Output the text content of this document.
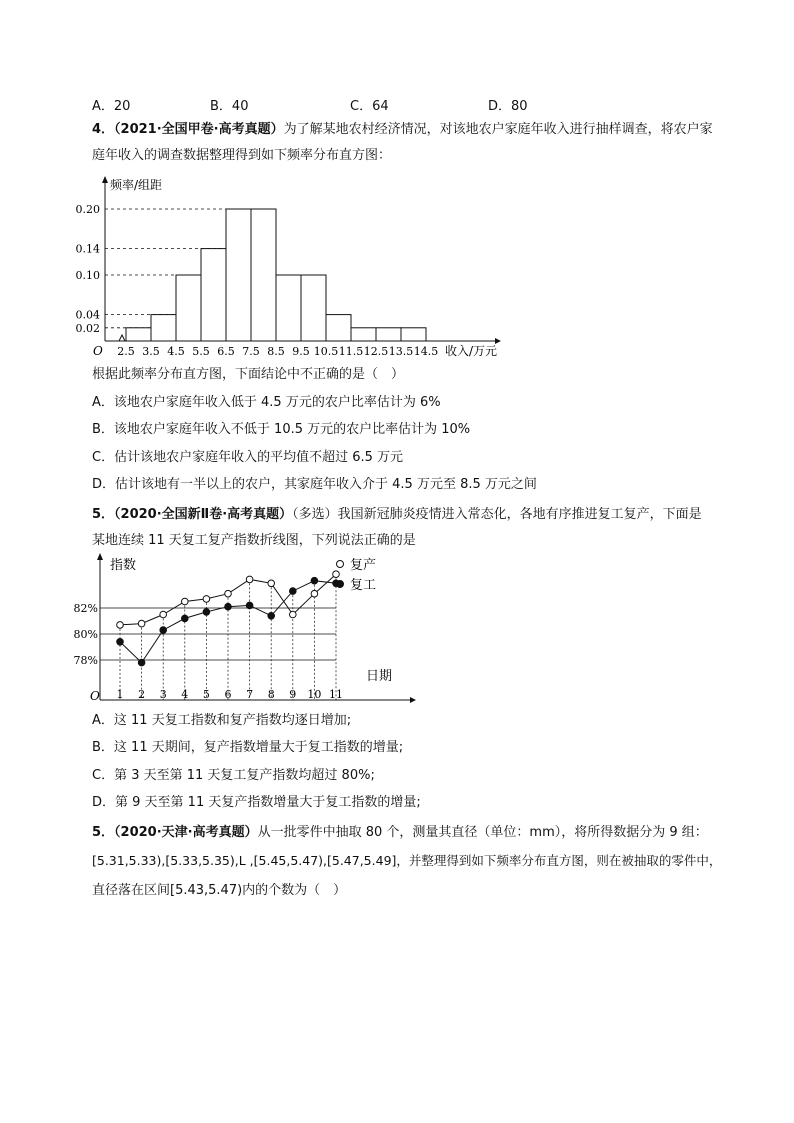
A．20	B．40	C．64	D．80
4．（2021·全国甲卷·高考真题）为了解某地农村经济情况，对该地农户家庭年收入进行抽样调查，将农户家
庭年收入的调查数据整理得到如下频率分布直方图：
0.02
0.04
0.10
0.14
0.20
2.5 3.5 4.5 5.5 6.5 7.5 8.5 9.5 10.5 11.5 12.5 13.5 14.5
O
频率/组距
收入/万元
根据此频率分布直方图，下面结论中不正确的是（　）
A．该地农户家庭年收入低于 4.5 万元的农户比率估计为 6%
B．该地农户家庭年收入不低于 10.5 万元的农户比率估计为 10%
C．估计该地农户家庭年收入的平均值不超过 6.5 万元
D．估计该地有一半以上的农户，其家庭年收入介于 4.5 万元至 8.5 万元之间
5．（2020·全国新Ⅱ卷·高考真题）（多选）我国新冠肺炎疫情进入常态化，各地有序推进复工复产，下面是
某地连续 11 天复工复产指数折线图，下列说法正确的是
78%
80%
82%
1 2 3 4 5 6 7 8 9 10 11
复产
复工
指数
日期
O
A．这 11 天复工指数和复产指数均逐日增加;
B．这 11 天期间，复产指数增量大于复工指数的增量;
C．第 3 天至第 11 天复工复产指数均超过 80%;
D．第 9 天至第 11 天复产指数增量大于复工指数的增量;
5．（2020·天津·高考真题）从一批零件中抽取 80 个，测量其直径（单位：mm），将所得数据分为 9 组：
[5.31,5.33),[5.33,5.35),L ,[5.45,5.47),[5.47,5.49]，并整理得到如下频率分布直方图，则在被抽取的零件中，
直径落在区间[5.43,5.47)内的个数为（　）
